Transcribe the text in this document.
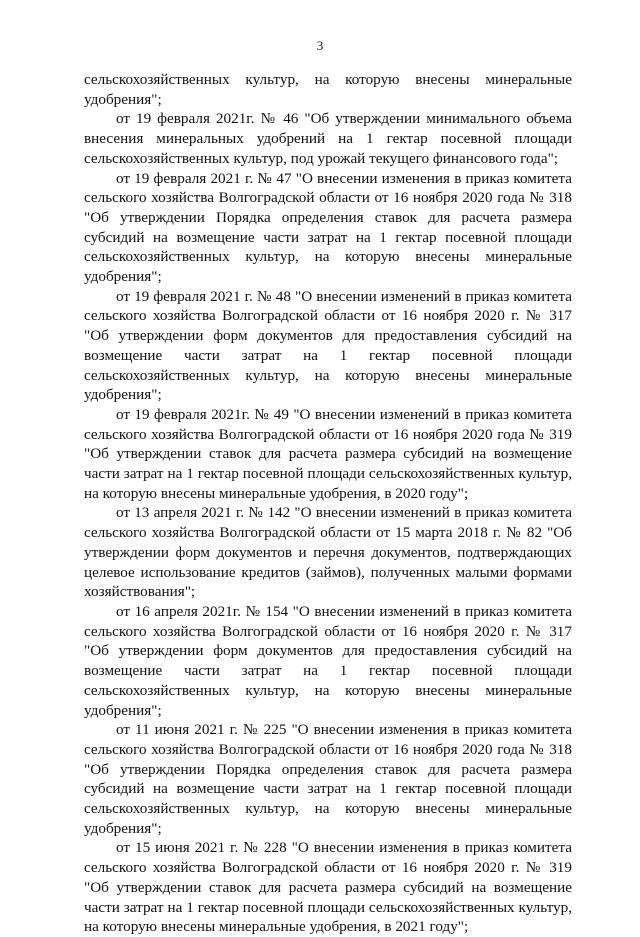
3

сельскохозяйственных культур, на которую внесены минеральные удобрения";

от 19 февраля 2021г. № 46 "Об утверждении минимального объема внесения минеральных удобрений на 1 гектар посевной площади сельскохозяйственных культур, под урожай текущего финансового года";

от 19 февраля 2021 г. № 47 "О внесении изменения в приказ комитета сельского хозяйства Волгоградской области от 16 ноября 2020 года № 318 "Об утверждении Порядка определения ставок для расчета размера субсидий на возмещение части затрат на 1 гектар посевной площади сельскохозяйственных культур, на которую внесены минеральные удобрения";

от 19 февраля 2021 г. № 48 "О внесении изменений в приказ комитета сельского хозяйства Волгоградской области от 16 ноября 2020 г. № 317 "Об утверждении форм документов для предоставления субсидий на возмещение части затрат на 1 гектар посевной площади сельскохозяйственных культур, на которую внесены минеральные удобрения";

от 19 февраля 2021г. № 49 "О внесении изменений в приказ комитета сельского хозяйства Волгоградской области от 16 ноября 2020 года № 319 "Об утверждении ставок для расчета размера субсидий на возмещение части затрат на 1 гектар посевной площади сельскохозяйственных культур, на которую внесены минеральные удобрения, в 2020 году";

от 13 апреля 2021 г. № 142 "О внесении изменений в приказ комитета сельского хозяйства Волгоградской области от 15 марта 2018 г. № 82 "Об утверждении форм документов и перечня документов, подтверждающих целевое использование кредитов (займов), полученных малыми формами хозяйствования";

от 16 апреля 2021г. № 154 "О внесении изменений в приказ комитета сельского хозяйства Волгоградской области от 16 ноября 2020 г. № 317 "Об утверждении форм документов для предоставления субсидий на возмещение части затрат на 1 гектар посевной площади сельскохозяйственных культур, на которую внесены минеральные удобрения";

от 11 июня 2021 г. № 225 "О внесении изменения в приказ комитета сельского хозяйства Волгоградской области от 16 ноября 2020 года № 318 "Об утверждении Порядка определения ставок для расчета размера субсидий на возмещение части затрат на 1 гектар посевной площади сельскохозяйственных культур, на которую внесены минеральные удобрения";

от 15 июня 2021 г. № 228 "О внесении изменения в приказ комитета сельского хозяйства Волгоградской области от 16 ноября 2020 г. № 319 "Об утверждении ставок для расчета размера субсидий на возмещение части затрат на 1 гектар посевной площади сельскохозяйственных культур, на которую внесены минеральные удобрения, в 2021 году";
